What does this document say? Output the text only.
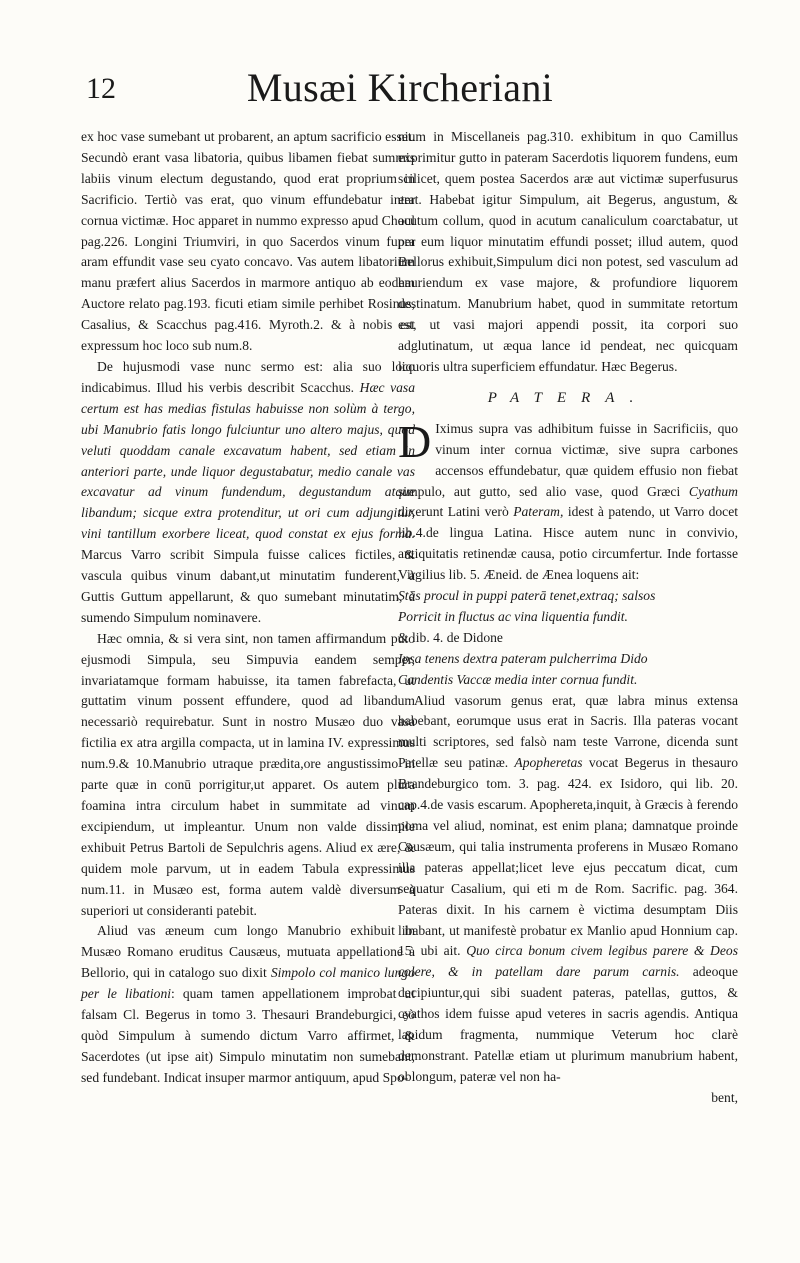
12	Musæi Kircheriani

ex hoc vase sumebant ut probarent, an aptum sacrificio esset. Secundò erant vasa libatoria, quibus libamen fiebat summis labiis vinum electum degustando, quod erat proprium in Sacrificio. Tertiò vas erat, quo vinum effundebatur inter cornua victimæ. Hoc apparet in nummo expresso apud Choul pag.226. Longini Triumviri, in quo Sacerdos vinum fupra aram effundit vase seu cyato concavo. Vas autem libatorium manu præfert alius Sacerdos in marmore antiquo ab eodem Auctore relato pag.193. ficuti etiam simile perhibet Rosinus, Casalius, & Scacchus pag.416. Myroth.2. & à nobis est expressum hoc loco sub num.8.

De hujusmodi vase nunc sermo est: alia suo loco indicabimus. Illud his verbis describit Scacchus. Hæc vasa certum est has medias fistulas habuisse non solùm à tergo, ubi Manubrio fatis longo fulciuntur uno altero majus, quod veluti quoddam canale excavatum habent, sed etiam in anteriori parte, unde liquor degustabatur, medio canale vas excavatur ad vinum fundendum, degustandum atque libandum; sicque extra protenditur, ut ori cum adjungitur, vini tantillum exorbere liceat, quod constat ex ejus forma. Marcus Varro scribit Simpula fuisse calices fictiles, & vascula quibus vinum dabant,ut minutatim funderent, à Guttis Guttum appellarunt, & quo sumebant minutatim, à sumendo Simpulum nominavere.

Hæc omnia, & si vera sint, non tamen affirmandum puto ejusmodi Simpula, seu Simpuvia eandem semper, invariatamque formam habuisse, ita tamen fabrefacta, ut guttatim vinum possent effundere, quod ad libandum necessariò requirebatur. Sunt in nostro Musæo duo vasa fictilia ex atra argilla compacta, ut in lamina IV. expressimus num.9.& 10.Manubrio utraque prædita,ore angustissimo in parte quæ in conū porrigitur,ut apparet. Os autem plura foamina intra circulum habet in summitate ad vinum excipiendum, ut impleantur. Unum non valde dissimile exhibuit Petrus Bartoli de Sepulchris agens. Aliud ex ære, & quidem mole parvum, ut in eadem Tabula expressimus num.11. in Musæo est, forma autem valdè diversum à superiori ut consideranti patebit.

Aliud vas æneum cum longo Manubrio exhibuit in Musæo Romano eruditus Causæus, mutuata appellatione à Bellorio, qui in catalogo suo dixit Simpolo col manico lungo per le libationi: quam tamen appellationem improbat ut falsam Cl. Begerus in tomo 3. Thesauri Brandeburgici, eò quòd Simpulum à sumendo dictum Varro affirmet, & Sacerdotes (ut ipse ait) Simpulo minutatim non sumebant, sed fundebant. Indicat insuper marmor antiquum, apud Spo-

nium in Miscellaneis pag.310. exhibitum in quo Camillus exprimitur gutto in pateram Sacerdotis liquorem fundens, eum scilicet, quem postea Sacerdos aræ aut victimæ superfusurus erat. Habebat igitur Simpulum, ait Begerus, angustum, & acutum collum, quod in acutum canaliculum coarctabatur, ut per eum liquor minutatim effundi posset; illud autem, quod Bellorus exhibuit,Simpulum dici non potest, sed vasculum ad hauriendum ex vase majore, & profundiore liquorem destinatum. Manubrium habet, quod in summitate retortum est, ut vasi majori appendi possit, ita corpori suo adglutinatum, ut æqua lance id pendeat, nec quicquam liquoris ultra superficiem effundatur. Hæc Begerus.

PATERA.

D Iximus supra vas adhibitum fuisse in Sacrificiis, quo vinum inter cornua victimæ, sive supra carbones accensos effundebatur, quæ quidem effusio non fiebat simpulo, aut gutto, sed alio vase, quod Græci Cyathum dixerunt Latini verò Pateram, idest à patendo, ut Varro docet lib.4.de lingua Latina. Hisce autem nunc in convivio, antiquitatis retinendæ causa, potio circumfertur. Inde fortasse Virgilius lib. 5. Æneid. de Ænea loquens ait:

Stās procul in puppi paterā tenet,extraq; salsos

Porricit in fluctus ac vina liquentia fundit.

& lib. 4. de Didone

Ipsa tenens dextra pateram pulcherrima Dido

Candentis Vaccæ media inter cornua fundit.

Aliud vasorum genus erat, quæ labra minus extensa habebant, eorumque usus erat in Sacris. Illa pateras vocant multi scriptores, sed falsò nam teste Varrone, dicenda sunt Patellæ seu patinæ. Apopheretas vocat Begerus in thesauro Brandeburgico tom. 3. pag. 424. ex Isidoro, qui lib. 20. cap.4.de vasis escarum. Apophereta,inquit, à Græcis à ferendo poma vel aliud, nominat, est enim plana; damnatque proinde Causæum, qui talia instrumenta proferens in Musæo Romano illa pateras appellat;licet leve ejus peccatum dicat, cum sequatur Casalium, qui eti m de Rom. Sacrific. pag. 364. Pateras dixit. In his carnem è victima desumptam Diis libabant, ut manifestè probatur ex Manlio apud Honnium cap. 15. ubi ait. Quo circa bonum civem legibus parere & Deos colere, & in patellam dare parum carnis. adeoque decipiuntur,qui sibi suadent pateras, patellas, guttos, & cyathos idem fuisse apud veteres in sacris agendis. Antiqua lapidum fragmenta, nummique Veterum hoc clarè demonstrant. Patellæ etiam ut plurimum manubrium habent, oblongum, pateræ vel non ha-

bent,
